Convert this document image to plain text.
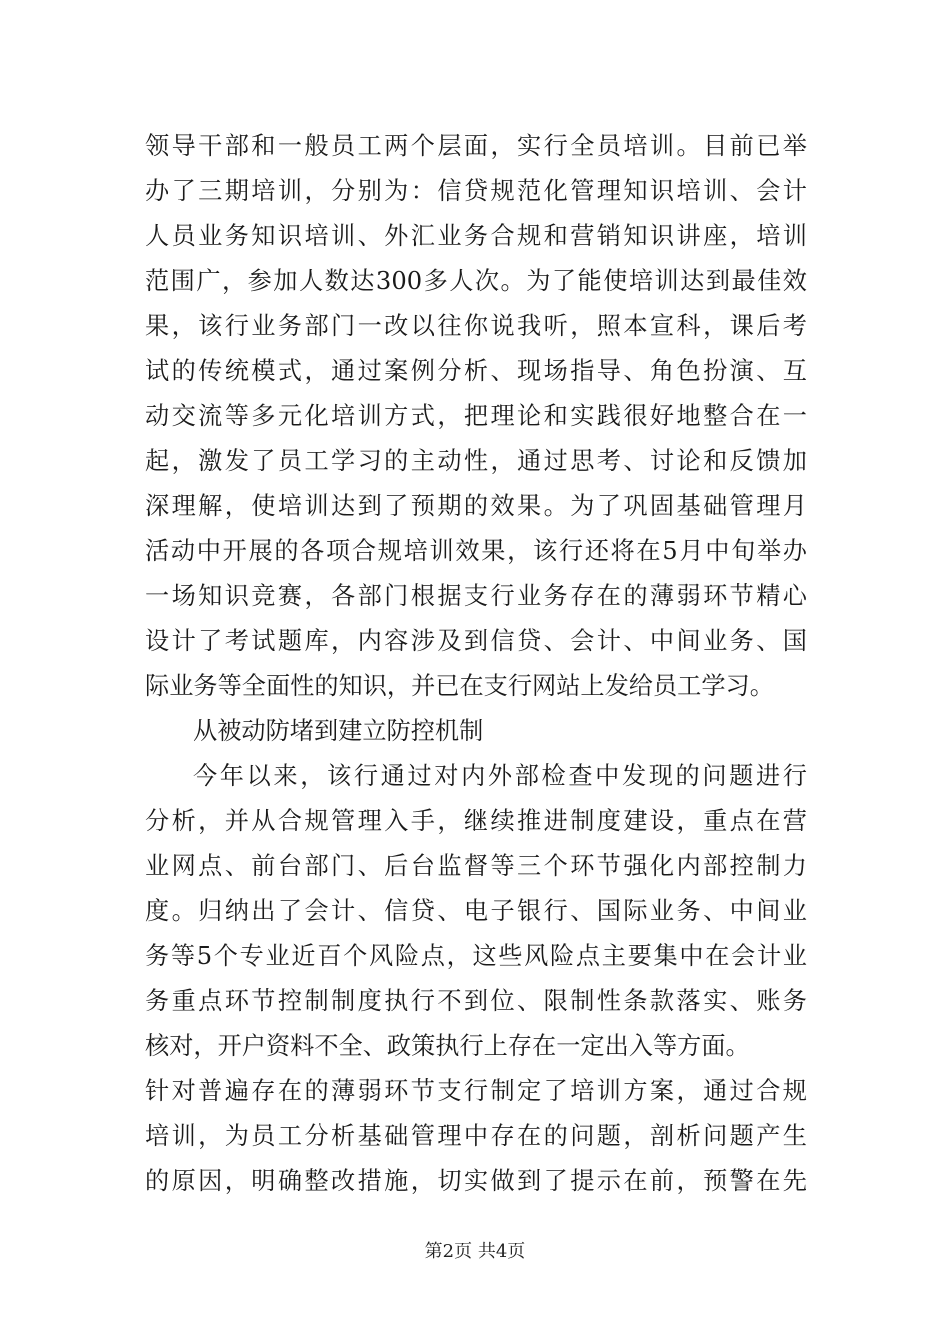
领导干部和一般员工两个层面，实行全员培训。目前已举
办了三期培训，分别为：信贷规范化管理知识培训、会计
人员业务知识培训、外汇业务合规和营销知识讲座，培训
范围广，参加人数达300多人次。为了能使培训达到最佳效
果，该行业务部门一改以往你说我听，照本宣科，课后考
试的传统模式，通过案例分析、现场指导、角色扮演、互
动交流等多元化培训方式，把理论和实践很好地整合在一
起，激发了员工学习的主动性，通过思考、讨论和反馈加
深理解，使培训达到了预期的效果。为了巩固基础管理月
活动中开展的各项合规培训效果，该行还将在5月中旬举办
一场知识竞赛，各部门根据支行业务存在的薄弱环节精心
设计了考试题库，内容涉及到信贷、会计、中间业务、国
际业务等全面性的知识，并已在支行网站上发给员工学习。
从被动防堵到建立防控机制
今年以来，该行通过对内外部检查中发现的问题进行
分析，并从合规管理入手，继续推进制度建设，重点在营
业网点、前台部门、后台监督等三个环节强化内部控制力
度。归纳出了会计、信贷、电子银行、国际业务、中间业
务等5个专业近百个风险点，这些风险点主要集中在会计业
务重点环节控制制度执行不到位、限制性条款落实、账务
核对，开户资料不全、政策执行上存在一定出入等方面。
针对普遍存在的薄弱环节支行制定了培训方案，通过合规
培训，为员工分析基础管理中存在的问题，剖析问题产生
的原因，明确整改措施，切实做到了提示在前，预警在先
第2页 共4页
